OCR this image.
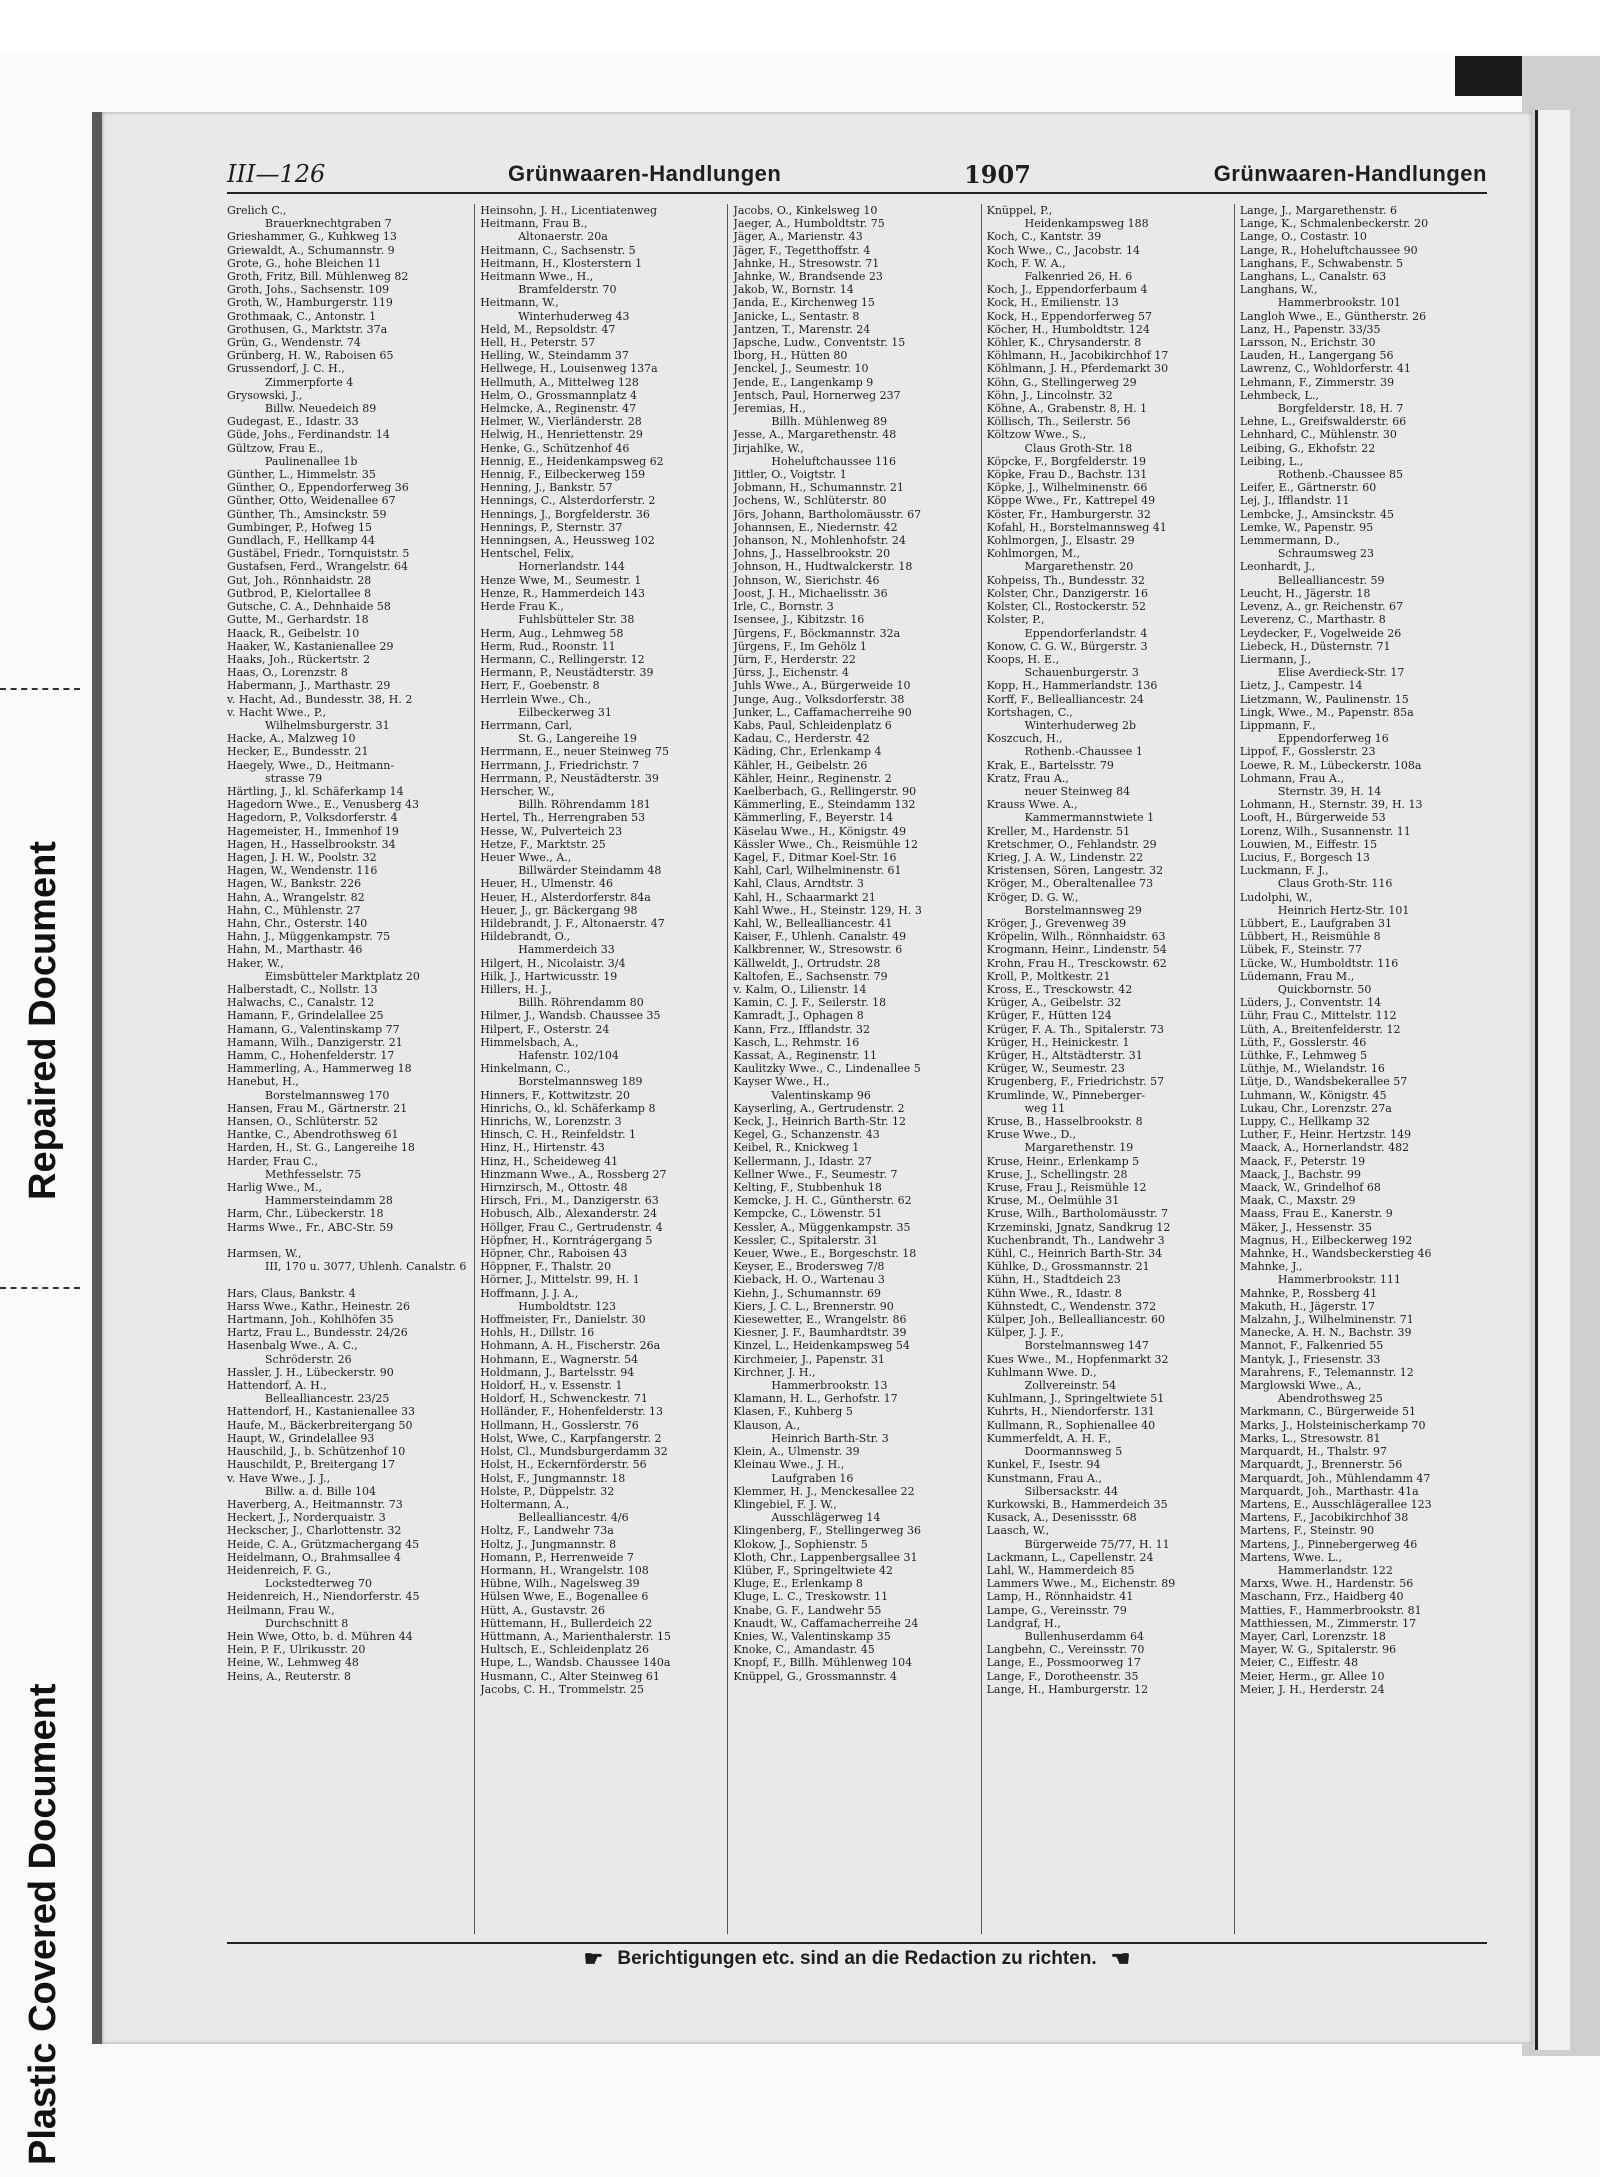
Repaired Document
Plastic Covered Document
III—126	Grünwaaren-Handlungen	1907	Grünwaaren-Handlungen
Grelich C.,
Brauerknechtgraben 7
Grieshammer, G., Kuhkweg 13
Griewaldt, A., Schumannstr. 9
Grote, G., hohe Bleichen 11
Groth, Fritz, Bill. Mühlenweg 82
Groth, Johs., Sachsenstr. 109
Groth, W., Hamburgerstr. 119
Grothmaak, C., Antonstr. 1
Grothusen, G., Marktstr. 37a
Grün, G., Wendenstr. 74
Grünberg, H. W., Raboisen 65
Grussendorf, J. C. H.,
Zimmerpforte 4
Grysowski, J.,
Billw. Neuedeich 89
Gudegast, E., Idastr. 33
Güde, Johs., Ferdinandstr. 14
Gültzow, Frau E.,
Paulinenallee 1b
Günther, L., Himmelstr. 35
Günther, O., Eppendorferweg 36
Günther, Otto, Weidenallee 67
Günther, Th., Amsinckstr. 59
Gumbinger, P., Hofweg 15
Gundlach, F., Hellkamp 44
Gustäbel, Friedr., Tornquiststr. 5
Gustafsen, Ferd., Wrangelstr. 64
Gut, Joh., Rönnhaidstr. 28
Gutbrod, P., Kielortallee 8
Gutsche, C. A., Dehnhaide 58
Gutte, M., Gerhardstr. 18
Haack, R., Geibelstr. 10
Haaker, W., Kastanienallee 29
Haaks, Joh., Rückertstr. 2
Haas, O., Lorenzstr. 8
Habermann, J., Marthastr. 29
v. Hacht, Ad., Bundesstr. 38, H. 2
v. Hacht Wwe., P.,
Wilhelmsburgerstr. 31
Hacke, A., Malzweg 10
Hecker, E., Bundesstr. 21
Haegely, Wwe., D., Heitmann-
strasse 79
Härtling, J., kl. Schäferkamp 14
Hagedorn Wwe., E., Venusberg 43
Hagedorn, P., Volksdorferstr. 4
Hagemeister, H., Immenhof 19
Hagen, H., Hasselbrookstr. 34
Hagen, J. H. W., Poolstr. 32
Hagen, W., Wendenstr. 116
Hagen, W., Bankstr. 226
Hahn, A., Wrangelstr. 82
Hahn, C., Mühlenstr. 27
Hahn, Chr., Osterstr. 140
Hahn, J., Müggenkampstr. 75
Hahn, M., Marthastr. 46
Haker, W.,
Eimsbütteler Marktplatz 20
Halberstadt, C., Nollstr. 13
Halwachs, C., Canalstr. 12
Hamann, F., Grindelallee 25
Hamann, G., Valentinskamp 77
Hamann, Wilh., Danzigerstr. 21
Hamm, C., Hohenfelderstr. 17
Hammerling, A., Hammerweg 18
Hanebut, H.,
Borstelmannsweg 170
Hansen, Frau M., Gärtnerstr. 21
Hansen, O., Schlüterstr. 52
Hantke, C., Abendrothsweg 61
Harden, H., St. G., Langereihe 18
Harder, Frau C.,
Methfesselstr. 75
Harlig Wwe., M.,
Hammersteindamm 28
Harm, Chr., Lübeckerstr. 18
Harms Wwe., Fr., ABC-Str. 59

Harmsen, W.,
III, 170 u. 3077, Uhlenh. Canalstr. 6

Hars, Claus, Bankstr. 4
Harss Wwe., Kathr., Heinestr. 26
Hartmann, Joh., Kohlhöfen 35
Hartz, Frau L., Bundesstr. 24/26
Hasenbalg Wwe., A. C.,
Schröderstr. 26
Hassler, J. H., Lübeckerstr. 90
Hattendorf, A. H.,
Bellealliancestr. 23/25
Hattendorf, H., Kastanienallee 33
Haufe, M., Bäckerbreitergang 50
Haupt, W., Grindelallee 93
Hauschild, J., b. Schützenhof 10
Hauschildt, P., Breitergang 17
v. Have Wwe., J. J.,
Billw. a. d. Bille 104
Haverberg, A., Heitmannstr. 73
Heckert, J., Norderquaistr. 3
Heckscher, J., Charlottenstr. 32
Heide, C. A., Grützmachergang 45
Heidelmann, O., Brahmsallee 4
Heidenreich, F. G.,
Lockstedterweg 70
Heidenreich, H., Niendorferstr. 45
Heilmann, Frau W.,
Durchschnitt 8
Hein Wwe, Otto, b. d. Mühren 44
Hein, P. F., Ulrikusstr. 20
Heine, W., Lehmweg 48
Heins, A., Reuterstr. 8
Heinsohn, J. H., Licentiatenweg
Heitmann, Frau B.,
Altonaerstr. 20a
Heitmann, C., Sachsenstr. 5
Heitmann, H., Klosterstern 1
Heitmann Wwe., H.,
Bramfelderstr. 70
Heitmann, W.,
Winterhuderweg 43
Held, M., Repsoldstr. 47
Hell, H., Peterstr. 57
Helling, W., Steindamm 37
Hellwege, H., Louisenweg 137a
Hellmuth, A., Mittelweg 128
Helm, O., Grossmannplatz 4
Helmcke, A., Reginenstr. 47
Helmer, W., Vierländerstr. 28
Helwig, H., Henriettenstr. 29
Henke, G., Schützenhof 46
Hennig, E., Heidenkampsweg 62
Hennig, F., Eilbeckerweg 159
Henning, J., Bankstr. 57
Hennings, C., Alsterdorferstr. 2
Hennings, J., Borgfelderstr. 36
Hennings, P., Sternstr. 37
Henningsen, A., Heussweg 102
Hentschel, Felix,
Hornerlandstr. 144
Henze Wwe, M., Seumestr. 1
Henze, R., Hammerdeich 143
Herde Frau K.,
Fuhlsbütteler Str. 38
Herm, Aug., Lehmweg 58
Herm, Rud., Roonstr. 11
Hermann, C., Rellingerstr. 12
Hermann, P., Neustädterstr. 39
Herr, F., Goebenstr. 8
Herrlein Wwe., Ch.,
Eilbeckerweg 31
Herrmann, Carl,
St. G., Langereihe 19
Herrmann, E., neuer Steinweg 75
Herrmann, J., Friedrichstr. 7
Herrmann, P., Neustädterstr. 39
Herscher, W.,
Billh. Röhrendamm 181
Hertel, Th., Herrengraben 53
Hesse, W., Pulverteich 23
Hetze, F., Marktstr. 25
Heuer Wwe., A.,
Billwärder Steindamm 48
Heuer, H., Ulmenstr. 46
Heuer, H., Alsterdorferstr. 84a
Heuer, J., gr. Bäckergang 98
Hildebrandt, J. F., Altonaerstr. 47
Hildebrandt, O.,
Hammerdeich 33
Hilgert, H., Nicolaistr. 3/4
Hilk, J., Hartwicusstr. 19
Hillers, H. J.,
Billh. Röhrendamm 80
Hilmer, J., Wandsb. Chaussee 35
Hilpert, F., Osterstr. 24
Himmelsbach, A.,
Hafenstr. 102/104
Hinkelmann, C.,
Borstelmannsweg 189
Hinners, F., Kottwitzstr. 20
Hinrichs, O., kl. Schäferkamp 8
Hinrichs, W., Lorenzstr. 3
Hinsch, C. H., Reinfeldstr. 1
Hinz, H., Hirtenstr. 43
Hinz, H., Scheideweg 41
Hinzmann Wwe., A., Rossberg 27
Hirnzirsch, M., Ottostr. 48
Hirsch, Fri., M., Danzigerstr. 63
Hobusch, Alb., Alexanderstr. 24
Höllger, Frau C., Gertrudenstr. 4
Höpfner, H., Korntrágergang 5
Höpner, Chr., Raboisen 43
Höppner, F., Thalstr. 20
Hörner, J., Mittelstr. 99, H. 1
Hoffmann, J. J. A.,
Humboldtstr. 123
Hoffmeister, Fr., Danielstr. 30
Hohls, H., Dillstr. 16
Hohmann, A. H., Fischerstr. 26a
Hohmann, E., Wagnerstr. 54
Holdmann, J., Bartelsstr. 94
Holdorf, H., v. Essenstr. 1
Holdorf, H., Schwenckestr. 71
Holländer, F., Hohenfelderstr. 13
Hollmann, H., Gosslerstr. 76
Holst, Wwe, C., Karpfangerstr. 2
Holst, Cl., Mundsburgerdamm 32
Holst, H., Eckernförderstr. 56
Holst, F., Jungmannstr. 18
Holste, P., Düppelstr. 32
Holtermann, A.,
Bellealliancestr. 4/6
Holtz, F., Landwehr 73a
Holtz, J., Jungmannstr. 8
Homann, P., Herrenweide 7
Hormann, H., Wrangelstr. 108
Hübne, Wilh., Nagelsweg 39
Hülsen Wwe, E., Bogenallee 6
Hütt, A., Gustavstr. 26
Hüttemann, H., Bullerdeich 22
Hüttmann, A., Marienthalerstr. 15
Hultsch, E., Schleidenplatz 26
Hupe, L., Wandsb. Chaussee 140a
Husmann, C., Alter Steinweg 61
Jacobs, C. H., Trommelstr. 25
Jacobs, O., Kinkelsweg 10
Jaeger, A., Humboldtstr. 75
Jäger, A., Marienstr. 43
Jäger, F., Tegetthoffstr. 4
Jahnke, H., Stresowstr. 71
Jahnke, W., Brandsende 23
Jakob, W., Bornstr. 14
Janda, E., Kirchenweg 15
Janicke, L., Sentastr. 8
Jantzen, T., Marenstr. 24
Japsche, Ludw., Conventstr. 15
Iborg, H., Hütten 80
Jenckel, J., Seumestr. 10
Jende, E., Langenkamp 9
Jentsch, Paul, Hornerweg 237
Jeremias, H.,
Billh. Mühlenweg 89
Jesse, A., Margarethenstr. 48
Jirjahlke, W.,
Hoheluftchaussee 116
Jittler, O., Voigtstr. 1
Jobmann, H., Schumannstr. 21
Jochens, W., Schlüterstr. 80
Jörs, Johann, Bartholomäusstr. 67
Johannsen, E., Niedernstr. 42
Johanson, N., Mohlenhofstr. 24
Johns, J., Hasselbrookstr. 20
Johnson, H., Hudtwalckerstr. 18
Johnson, W., Sierichstr. 46
Joost, J. H., Michaelisstr. 36
Irle, C., Bornstr. 3
Isensee, J., Kibitzstr. 16
Jürgens, F., Böckmannstr. 32a
Jürgens, F., Im Gehölz 1
Jürn, F., Herderstr. 22
Jürss, J., Eichenstr. 4
Juhls Wwe., A., Bürgerweide 10
Junge, Aug., Volksdorferstr. 38
Junker, L., Caffamacherreihe 90
Kabs, Paul, Schleidenplatz 6
Kadau, C., Herderstr. 42
Käding, Chr., Erlenkamp 4
Kähler, H., Geibelstr. 26
Kähler, Heinr., Reginenstr. 2
Kaelberbach, G., Rellingerstr. 90
Kämmerling, E., Steindamm 132
Kämmerling, F., Beyerstr. 14
Käselau Wwe., H., Königstr. 49
Kässler Wwe., Ch., Reismühle 12
Kagel, F., Ditmar Koel-Str. 16
Kahl, Carl, Wilhelminenstr. 61
Kahl, Claus, Arndtstr. 3
Kahl, H., Schaarmarkt 21
Kahl Wwe., H., Steinstr. 129, H. 3
Kahl, W., Bellealliancestr. 41
Kaiser, F., Uhlenh. Canalstr. 49
Kalkbrenner, W., Stresowstr. 6
Källweldt, J., Ortrudstr. 28
Kaltofen, E., Sachsenstr. 79
v. Kalm, O., Lilienstr. 14
Kamin, C. J. F., Seilerstr. 18
Kamradt, J., Ophagen 8
Kann, Frz., Ifflandstr. 32
Kasch, L., Rehmstr. 16
Kassat, A., Reginenstr. 11
Kaulitzky Wwe., C., Lindenallee 5
Kayser Wwe., H.,
Valentinskamp 96
Kayserling, A., Gertrudenstr. 2
Keck, J., Heinrich Barth-Str. 12
Kegel, G., Schanzenstr. 43
Keibel, R., Knickweg 1
Kellermann, J., Idastr. 27
Kellner Wwe., F., Seumestr. 7
Kelting, F., Stubbenhuk 18
Kemcke, J. H. C., Güntherstr. 62
Kempcke, C., Löwenstr. 51
Kessler, A., Müggenkampstr. 35
Kessler, C., Spitalerstr. 31
Keuer, Wwe., E., Borgeschstr. 18
Keyser, E., Brodersweg 7/8
Kieback, H. O., Wartenau 3
Kiehn, J., Schumannstr. 69
Kiers, J. C. L., Brennerstr. 90
Kiesewetter, E., Wrangelstr. 86
Kiesner, J. F., Baumhardtstr. 39
Kinzel, L., Heidenkampsweg 54
Kirchmeier, J., Papenstr. 31
Kirchner, J. H.,
Hammerbrookstr. 13
Klamann, H. L., Gerhofstr. 17
Klasen, F., Kuhberg 5
Klauson, A.,
Heinrich Barth-Str. 3
Klein, A., Ulmenstr. 39
Kleinau Wwe., J. H.,
Laufgraben 16
Klemmer, H. J., Menckesallee 22
Klingebiel, F. J. W.,
Ausschlägerweg 14
Klingenberg, F., Stellingerweg 36
Klokow, J., Sophienstr. 5
Kloth, Chr., Lappenbergsallee 31
Klüber, F., Springeltwiete 42
Kluge, E., Erlenkamp 8
Kluge, L. C., Treskowstr. 11
Knabe, G. F., Landwehr 55
Knaudt, W., Caffamacherreihe 24
Knies, W., Valentinskamp 35
Knoke, C., Amandastr. 45
Knopf, F., Billh. Mühlenweg 104
Knüppel, G., Grossmannstr. 4
Knüppel, P.,
Heidenkampsweg 188
Koch, C., Kantstr. 39
Koch Wwe., C., Jacobstr. 14
Koch, F. W. A.,
Falkenried 26, H. 6
Koch, J., Eppendorferbaum 4
Kock, H., Emilienstr. 13
Kock, H., Eppendorferweg 57
Köcher, H., Humboldtstr. 124
Köhler, K., Chrysanderstr. 8
Köhlmann, H., Jacobikirchhof 17
Köhlmann, J. H., Pferdemarkt 30
Köhn, G., Stellingerweg 29
Köhn, J., Lincolnstr. 32
Köhne, A., Grabenstr. 8, H. 1
Köllisch, Th., Seilerstr. 56
Költzow Wwe., S.,
Claus Groth-Str. 18
Köpcke, F., Borgfelderstr. 19
Köpke, Frau D., Bachstr. 131
Köpke, J., Wilhelminenstr. 66
Köppe Wwe., Fr., Kattrepel 49
Köster, Fr., Hamburgerstr. 32
Kofahl, H., Borstelmannsweg 41
Kohlmorgen, J., Elsastr. 29
Kohlmorgen, M.,
Margarethenstr. 20
Kohpeiss, Th., Bundesstr. 32
Kolster, Chr., Danzigerstr. 16
Kolster, Cl., Rostockerstr. 52
Kolster, P.,
Eppendorferlandstr. 4
Konow, C. G. W., Bürgerstr. 3
Koops, H. E.,
Schauenburgerstr. 3
Kopp, H., Hammerlandstr. 136
Korff, F., Bellealliancestr. 24
Kortshagen, C.,
Winterhuderweg 2b
Koszcuch, H.,
Rothenb.-Chaussee 1
Krak, E., Bartelsstr. 79
Kratz, Frau A.,
neuer Steinweg 84
Krauss Wwe. A.,
Kammermannstwiete 1
Kreller, M., Hardenstr. 51
Kretschmer, O., Fehlandstr. 29
Krieg, J. A. W., Lindenstr. 22
Kristensen, Sören, Langestr. 32
Kröger, M., Oberaltenallee 73
Kröger, D. G. W.,
Borstelmannsweg 29
Kröger, J., Grevenweg 39
Kröpelin, Wilh., Rönnhaidstr. 63
Krogmann, Heinr., Lindenstr. 54
Krohn, Frau H., Tresckowstr. 62
Kroll, P., Moltkestr. 21
Kross, E., Tresckowstr. 42
Krüger, A., Geibelstr. 32
Krüger, F., Hütten 124
Krüger, F. A. Th., Spitalerstr. 73
Krüger, H., Heinickestr. 1
Krüger, H., Altstädterstr. 31
Krüger, W., Seumestr. 23
Krugenberg, F., Friedrichstr. 57
Krumlinde, W., Pinneberger-
weg 11
Kruse, B., Hasselbrookstr. 8
Kruse Wwe., D.,
Margarethenstr. 19
Kruse, Heinr., Erlenkamp 5
Kruse, J., Schellingstr. 28
Kruse, Frau J., Reismühle 12
Kruse, M., Oelmühle 31
Kruse, Wilh., Bartholomäusstr. 7
Krzeminski, Jgnatz, Sandkrug 12
Kuchenbrandt, Th., Landwehr 3
Kühl, C., Heinrich Barth-Str. 34
Kühlke, D., Grossmannstr. 21
Kühn, H., Stadtdeich 23
Kühn Wwe., R., Idastr. 8
Kühnstedt, C., Wendenstr. 372
Külper, Joh., Bellealliancestr. 60
Külper, J. J. F.,
Borstelmannsweg 147
Kues Wwe., M., Hopfenmarkt 32
Kuhlmann Wwe. D.,
Zollvereinstr. 54
Kuhlmann, J., Springeltwiete 51
Kuhrts, H., Niendorferstr. 131
Kullmann, R., Sophienallee 40
Kummerfeldt, A. H. F.,
Doormannsweg 5
Kunkel, F., Isestr. 94
Kunstmann, Frau A.,
Silbersackstr. 44
Kurkowski, B., Hammerdeich 35
Kusack, A., Desenissstr. 68
Laasch, W.,
Bürgerweide 75/77, H. 11
Lackmann, L., Capellenstr. 24
Lahl, W., Hammerdeich 85
Lammers Wwe., M., Eichenstr. 89
Lamp, H., Rönnhaidstr. 41
Lampe, G., Vereinsstr. 79
Landgraf, H.,
Bullenhuserdamm 64
Langbehn, C., Vereinsstr. 70
Lange, E., Possmoorweg 17
Lange, F., Dorotheenstr. 35
Lange, H., Hamburgerstr. 12
Lange, J., Margarethenstr. 6
Lange, K., Schmalenbeckerstr. 20
Lange, O., Costastr. 10
Lange, R., Hoheluftchaussee 90
Langhans, F., Schwabenstr. 5
Langhans, L., Canalstr. 63
Langhans, W.,
Hammerbrookstr. 101
Langloh Wwe., E., Güntherstr. 26
Lanz, H., Papenstr. 33/35
Larsson, N., Erichstr. 30
Lauden, H., Langergang 56
Lawrenz, C., Wohldorferstr. 41
Lehmann, F., Zimmerstr. 39
Lehmbeck, L.,
Borgfelderstr. 18, H. 7
Lehne, L., Greifswalderstr. 66
Lehnhard, C., Mühlenstr. 30
Leibing, G., Ekhofstr. 22
Leibing, L.,
Rothenb.-Chaussee 85
Leifer, E., Gärtnerstr. 60
Lej, J., Ifflandstr. 11
Lembcke, J., Amsinckstr. 45
Lemke, W., Papenstr. 95
Lemmermann, D.,
Schraumsweg 23
Leonhardt, J.,
Bellealliancestr. 59
Leucht, H., Jägerstr. 18
Levenz, A., gr. Reichenstr. 67
Leverenz, C., Marthastr. 8
Leydecker, F., Vogelweide 26
Liebeck, H., Düsternstr. 71
Liermann, J.,
Elise Averdieck-Str. 17
Lietz, J., Campestr. 14
Lietzmann, W., Paulinenstr. 15
Lingk, Wwe., M., Papenstr. 85a
Lippmann, F.,
Eppendorferweg 16
Lippof, F., Gosslerstr. 23
Loewe, R. M., Lübeckerstr. 108a
Lohmann, Frau A.,
Sternstr. 39, H. 14
Lohmann, H., Sternstr. 39, H. 13
Looft, H., Bürgerweide 53
Lorenz, Wilh., Susannenstr. 11
Louwien, M., Eiffestr. 15
Lucius, F., Borgesch 13
Luckmann, F. J.,
Claus Groth-Str. 116
Ludolphi, W.,
Heinrich Hertz-Str. 101
Lübbert, E., Laufgraben 31
Lübbert, H., Reismühle 8
Lübek, F., Steinstr. 77
Lücke, W., Humboldtstr. 116
Lüdemann, Frau M.,
Quickbornstr. 50
Lüders, J., Conventstr. 14
Lühr, Frau C., Mittelstr. 112
Lüth, A., Breitenfelderstr. 12
Lüth, F., Gosslerstr. 46
Lüthke, F., Lehmweg 5
Lüthje, M., Wielandstr. 16
Lütje, D., Wandsbekerallee 57
Luhmann, W., Königstr. 45
Lukau, Chr., Lorenzstr. 27a
Luppy, C., Hellkamp 32
Luther, F., Heinr. Hertzstr. 149
Maack, A., Hornerlandstr. 482
Maack, F., Peterstr. 19
Maack, J., Bachstr. 99
Maack, W., Grindelhof 68
Maak, C., Maxstr. 29
Maass, Frau E., Kanerstr. 9
Mäker, J., Hessenstr. 35
Magnus, H., Eilbeckerweg 192
Mahnke, H., Wandsbeckerstieg 46
Mahnke, J.,
Hammerbrookstr. 111
Mahnke, P., Rossberg 41
Makuth, H., Jägerstr. 17
Malzahn, J., Wilhelminenstr. 71
Manecke, A. H. N., Bachstr. 39
Mannot, F., Falkenried 55
Mantyk, J., Friesenstr. 33
Marahrens, F., Telemannstr. 12
Marglowski Wwe., A.,
Abendrothsweg 25
Markmann, C., Bürgerweide 51
Marks, J., Holsteinischerkamp 70
Marks, L., Stresowstr. 81
Marquardt, H., Thalstr. 97
Marquardt, J., Brennerstr. 56
Marquardt, Joh., Mühlendamm 47
Marquardt, Joh., Marthastr. 41a
Martens, E., Ausschlägerallee 123
Martens, F., Jacobikirchhof 38
Martens, F., Steinstr. 90
Martens, J., Pinnebergerweg 46
Martens, Wwe. L.,
Hammerlandstr. 122
Marxs, Wwe. H., Hardenstr. 56
Maschann, Frz., Haidberg 40
Matties, F., Hammerbrookstr. 81
Matthiessen, M., Zimmerstr. 17
Mayer, Carl, Lorenzstr. 18
Mayer, W. G., Spitalerstr. 96
Meier, C., Eiffestr. 48
Meier, Herm., gr. Allee 10
Meier, J. H., Herderstr. 24
☛ Berichtigungen etc. sind an die Redaction zu richten. ☚
